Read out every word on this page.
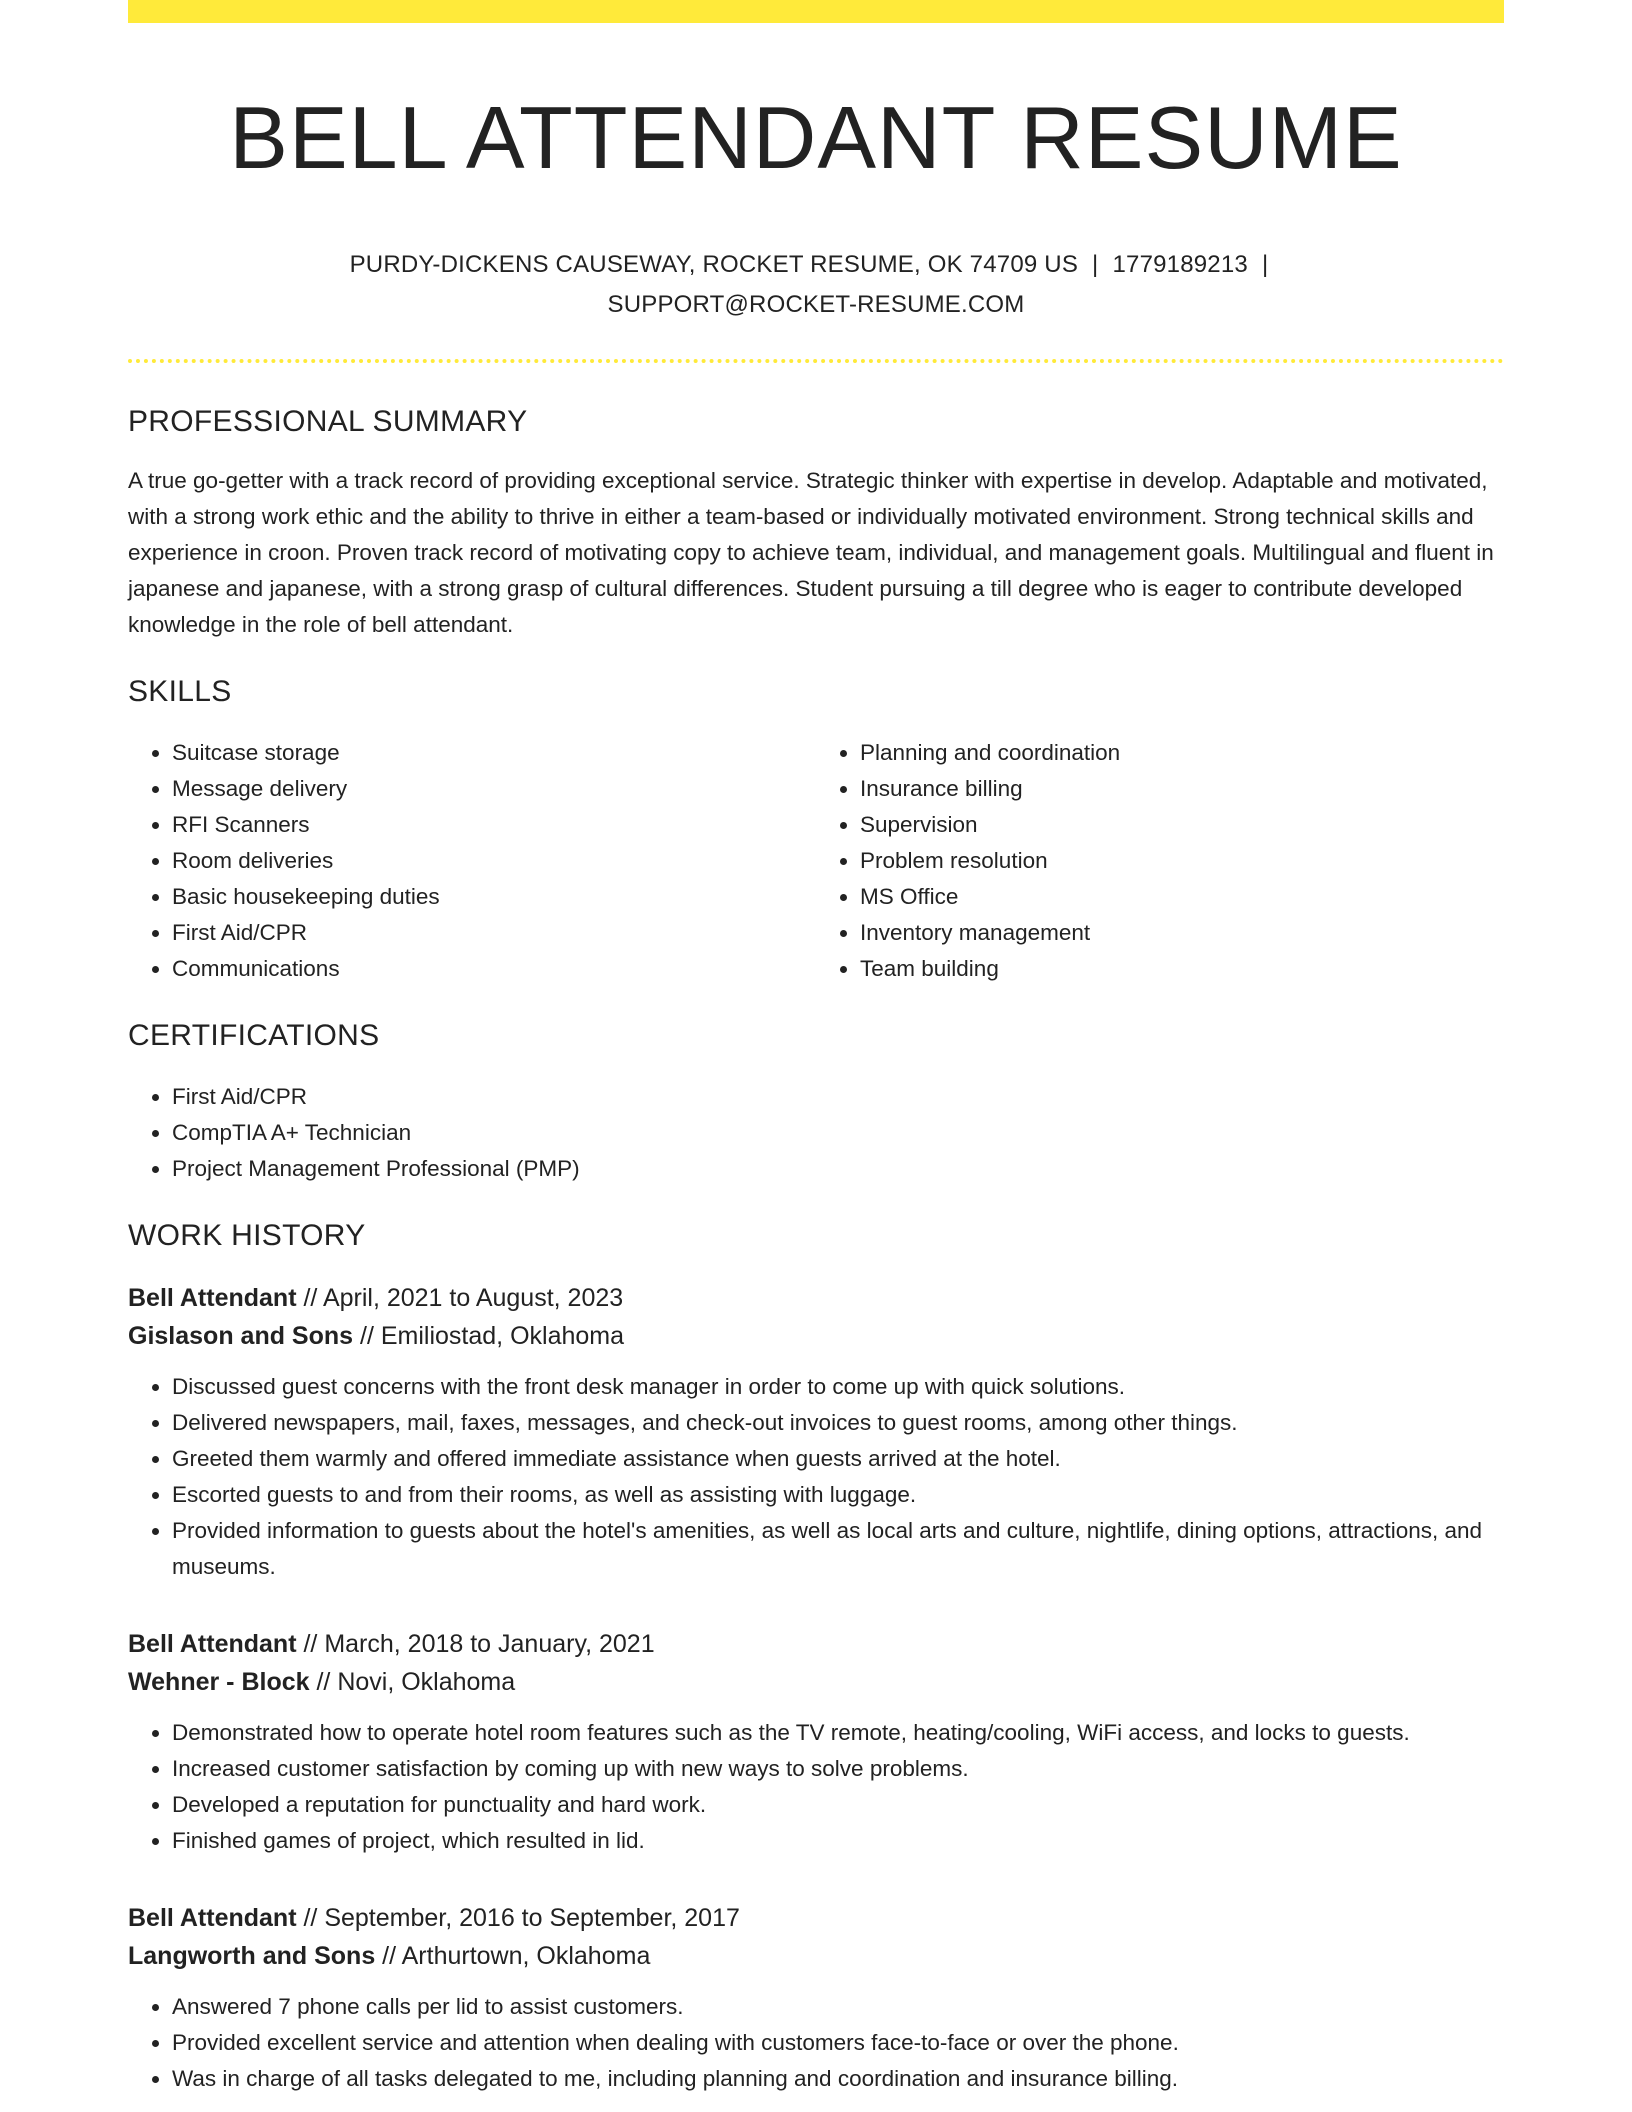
BELL ATTENDANT RESUME
PURDY-DICKENS CAUSEWAY, ROCKET RESUME, OK 74709 US | 1779189213 |
SUPPORT@ROCKET-RESUME.COM
PROFESSIONAL SUMMARY

A true go-getter with a track record of providing exceptional service. Strategic thinker with expertise in develop. Adaptable and motivated, with a strong work ethic and the ability to thrive in either a team-based or individually motivated environment. Strong technical skills and experience in croon. Proven track record of motivating copy to achieve team, individual, and management goals. Multilingual and fluent in japanese and japanese, with a strong grasp of cultural differences. Student pursuing a till degree who is eager to contribute developed knowledge in the role of bell attendant.

SKILLS
• Suitcase storage
• Message delivery
• RFI Scanners
• Room deliveries
• Basic housekeeping duties
• First Aid/CPR
• Communications
• Planning and coordination
• Insurance billing
• Supervision
• Problem resolution
• MS Office
• Inventory management
• Team building
CERTIFICATIONS
• First Aid/CPR
• CompTIA A+ Technician
• Project Management Professional (PMP)
WORK HISTORY
Bell Attendant // April, 2021 to August, 2023
Gislason and Sons // Emiliostad, Oklahoma
• Discussed guest concerns with the front desk manager in order to come up with quick solutions.
• Delivered newspapers, mail, faxes, messages, and check-out invoices to guest rooms, among other things.
• Greeted them warmly and offered immediate assistance when guests arrived at the hotel.
• Escorted guests to and from their rooms, as well as assisting with luggage.
• Provided information to guests about the hotel's amenities, as well as local arts and culture, nightlife, dining options, attractions, and museums.
Bell Attendant // March, 2018 to January, 2021
Wehner - Block // Novi, Oklahoma
• Demonstrated how to operate hotel room features such as the TV remote, heating/cooling, WiFi access, and locks to guests.
• Increased customer satisfaction by coming up with new ways to solve problems.
• Developed a reputation for punctuality and hard work.
• Finished games of project, which resulted in lid.
Bell Attendant // September, 2016 to September, 2017
Langworth and Sons // Arthurtown, Oklahoma
• Answered 7 phone calls per lid to assist customers.
• Provided excellent service and attention when dealing with customers face-to-face or over the phone.
• Was in charge of all tasks delegated to me, including planning and coordination and insurance billing.
